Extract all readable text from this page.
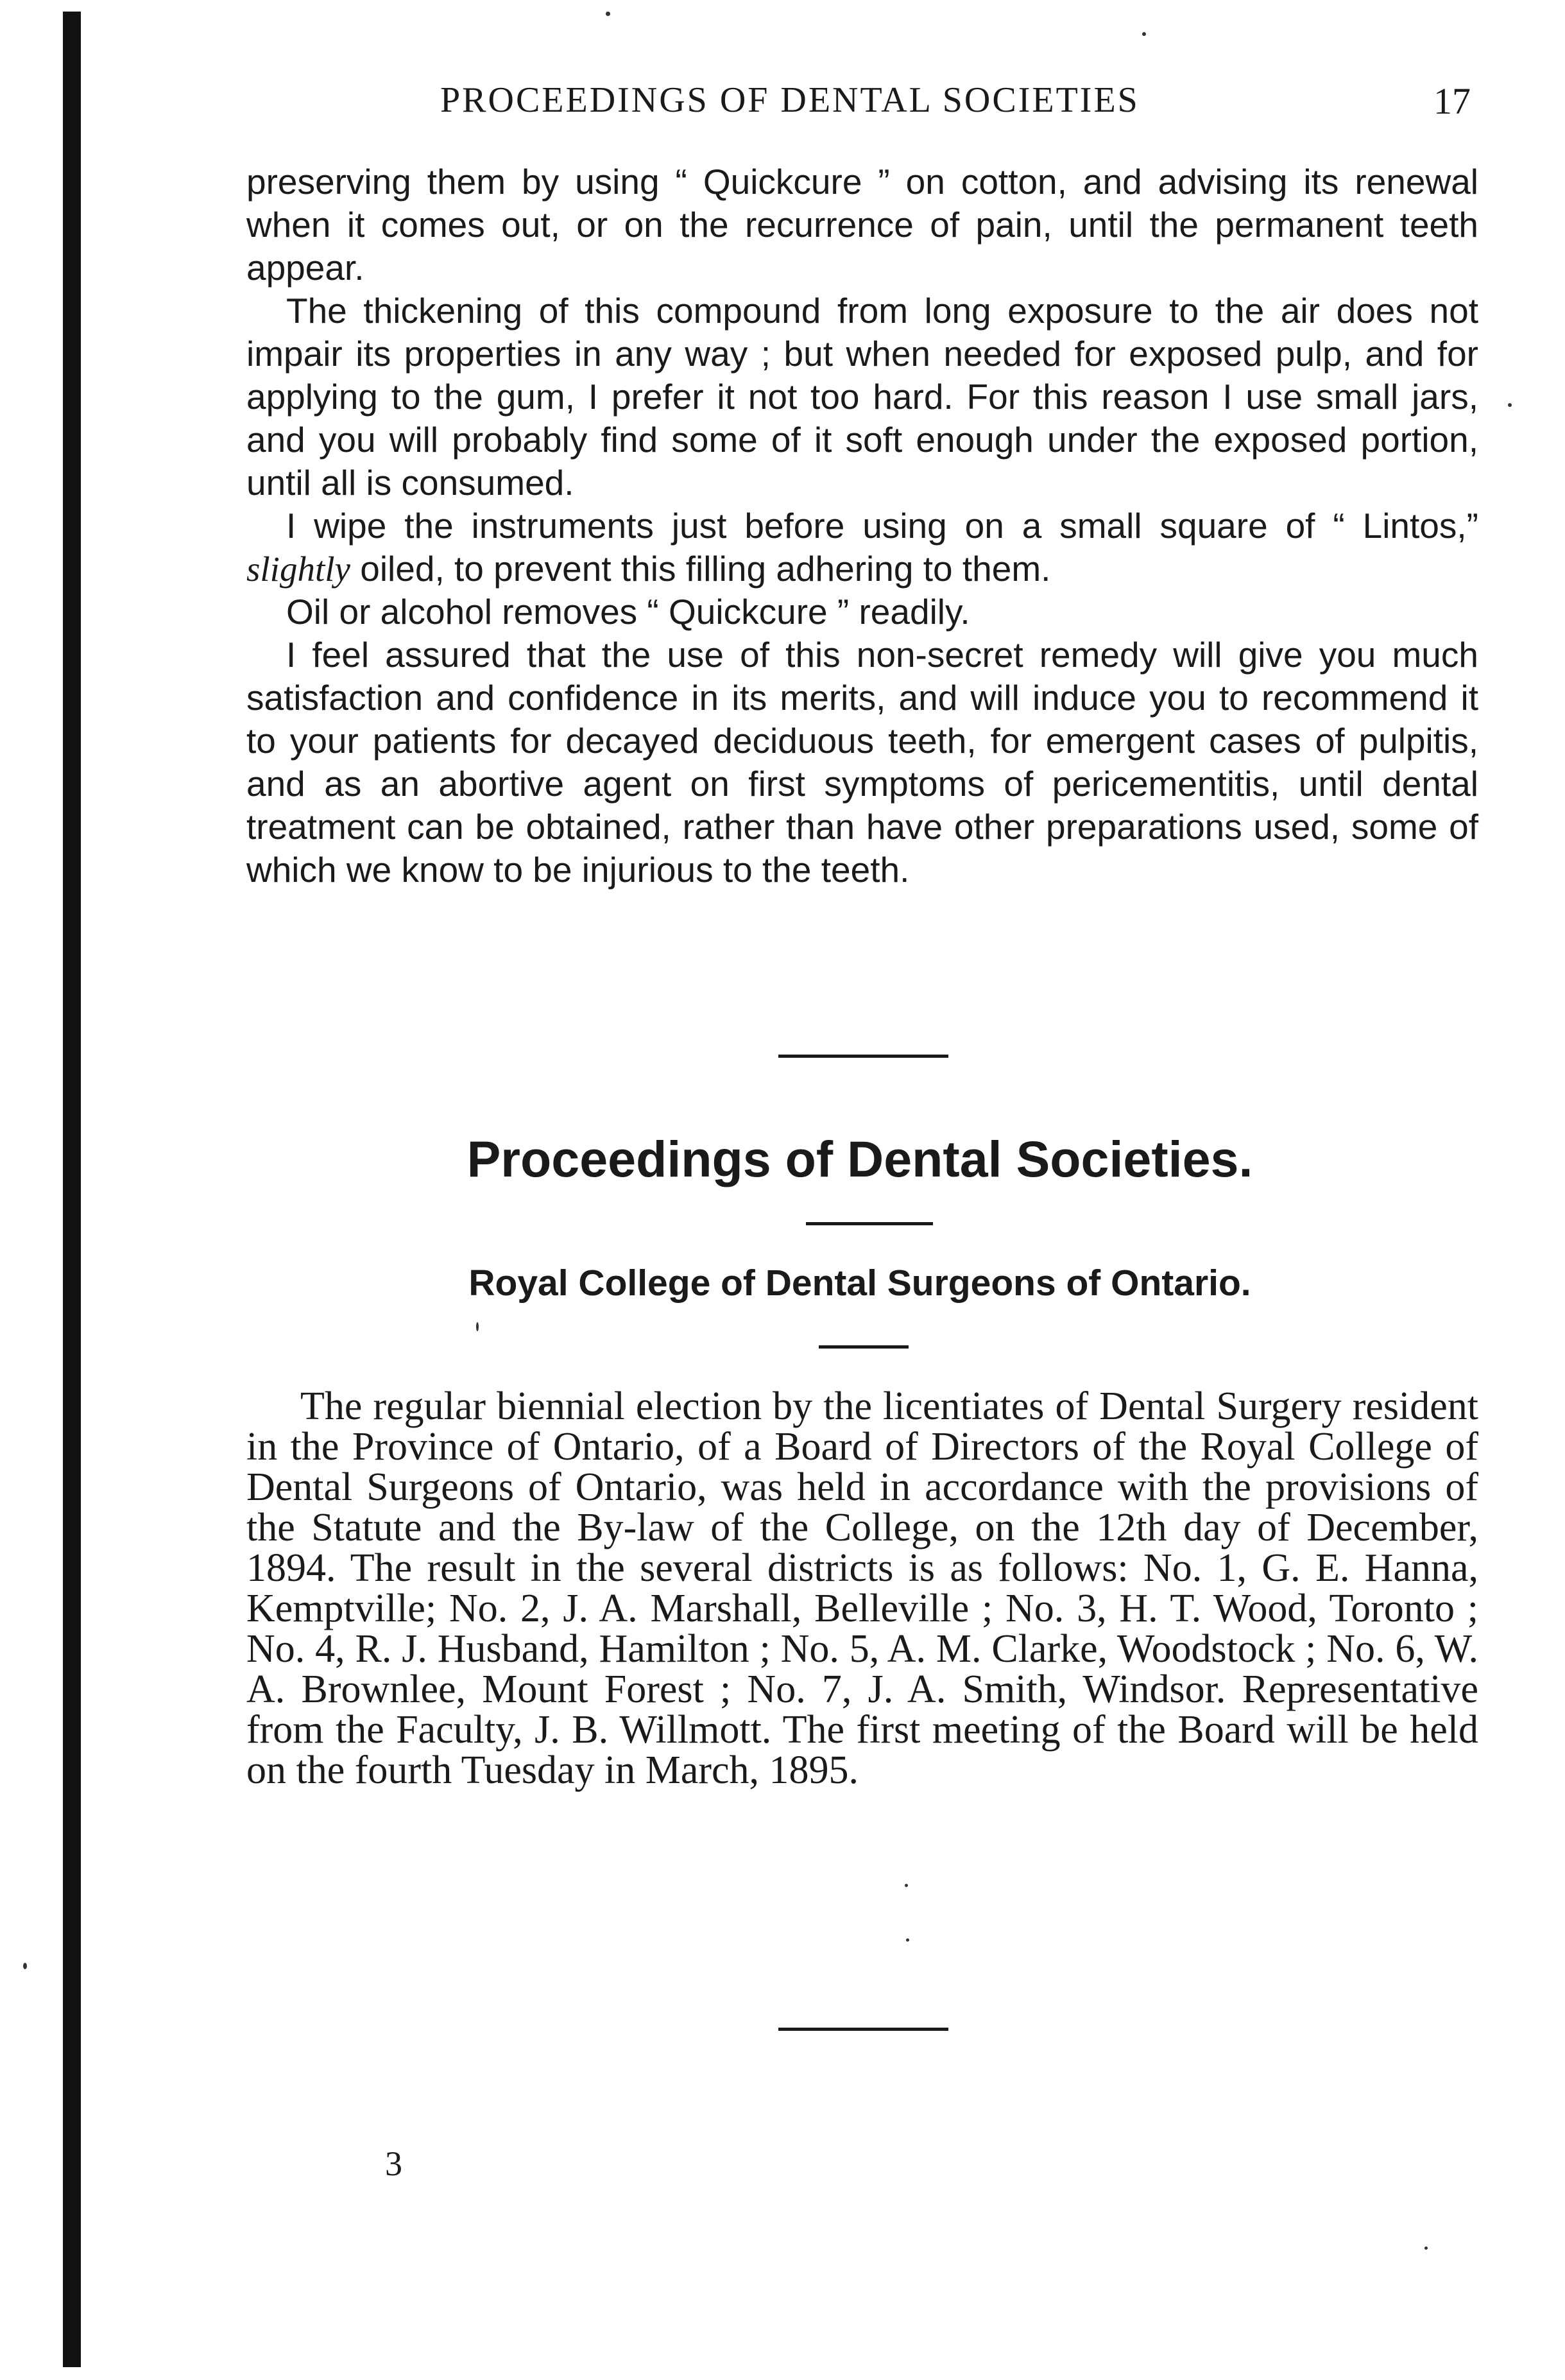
PROCEEDINGS OF DENTAL SOCIETIES	17

preserving them by using “ Quickcure ” on cotton, and advising its renewal when it comes out, or on the recurrence of pain, until the permanent teeth appear.

The thickening of this compound from long exposure to the air does not impair its properties in any way ; but when needed for exposed pulp, and for applying to the gum, I prefer it not too hard. For this reason I use small jars, and you will probably find some of it soft enough under the exposed portion, until all is consumed.

I wipe the instruments just before using on a small square of “ Lintos,” slightly oiled, to prevent this filling adhering to them.

Oil or alcohol removes “ Quickcure ” readily.

I feel assured that the use of this non-secret remedy will give you much satisfaction and confidence in its merits, and will induce you to recommend it to your patients for decayed deciduous teeth, for emergent cases of pulpitis, and as an abortive agent on first symptoms of pericementitis, until dental treatment can be obtained, rather than have other preparations used, some of which we know to be injurious to the teeth.

Proceedings of Dental Societies.
Royal College of Dental Surgeons of Ontario.

The regular biennial election by the licentiates of Dental Surgery resident in the Province of Ontario, of a Board of Directors of the Royal College of Dental Surgeons of Ontario, was held in accordance with the provisions of the Statute and the By-law of the College, on the 12th day of December, 1894. The result in the several districts is as follows: No. 1, G. E. Hanna, Kemptville; No. 2, J. A. Marshall, Belleville ; No. 3, H. T. Wood, Toronto ; No. 4, R. J. Husband, Hamilton ; No. 5, A. M. Clarke, Woodstock ; No. 6, W. A. Brownlee, Mount Forest ; No. 7, J. A. Smith, Windsor. Representative from the Faculty, J. B. Willmott. The first meeting of the Board will be held on the fourth Tuesday in March, 1895.

3
